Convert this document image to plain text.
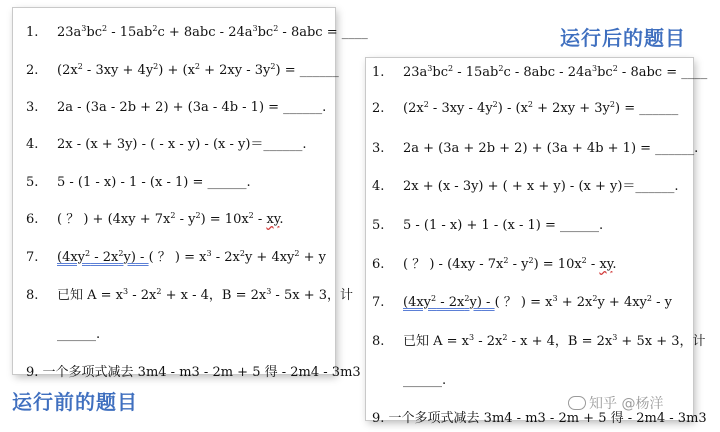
1. $23a^3bc^2 - 15ab^2c + 8abc - 24a^3bc^2 - 8abc$ = ____
2. $(2x^2 - 3xy + 4y^2) + (x^2 + 2xy - 3y^2)$ = ______
3. 2a - (3a - 2b + 2) + (3a - 4b - 1) = ______.
4. 2x - (x + 3y) - ( - x - y) - (x - y)＝______.
5. 5 - (1 - x) - 1 - (x - 1) = ______.
6. ( ？ ) + $(4xy + 7x^2 - y^2) = 10x^2$ - xy.
7. $(4xy^2 - 2x^2y)$ - ( ？ ) = $x^3 - 2x^2y + 4xy^2 + y$
8. 已知 $A = x^3 - 2x^2 + x - 4$，$B = 2x^3 - 5x + 3$，计
______.
9. 一个多项式减去 3m4 - m3 - 2m + 5 得 - 2m4 - 3m3
1. $23a^3bc^2 - 15ab^2c - 8abc - 24a^3bc^2 - 8abc$ = ____
2. $(2x^2 - 3xy - 4y^2) - (x^2 + 2xy + 3y^2)$ = ______
3. 2a + (3a + 2b + 2) + (3a + 4b + 1) = ______.
4. 2x + (x - 3y) + ( + x + y) - (x + y)＝______.
5. 5 - (1 - x) + 1 - (x - 1) = ______.
6. ( ？ ) - $(4xy - 7x^2 - y^2) = 10x^2$ - xy.
7. $(4xy^2 - 2x^2y)$ - ( ？ ) = $x^3 + 2x^2y + 4xy^2 - y$
8. 已知 $A = x^3 - 2x^2 - x + 4$，$B = 2x^3 + 5x + 3$，计
______.
9. 一个多项式减去 3m4 - m3 - 2m + 5 得 - 2m4 - 3m3
运行前的题目
运行后的题目
知乎 @杨洋
